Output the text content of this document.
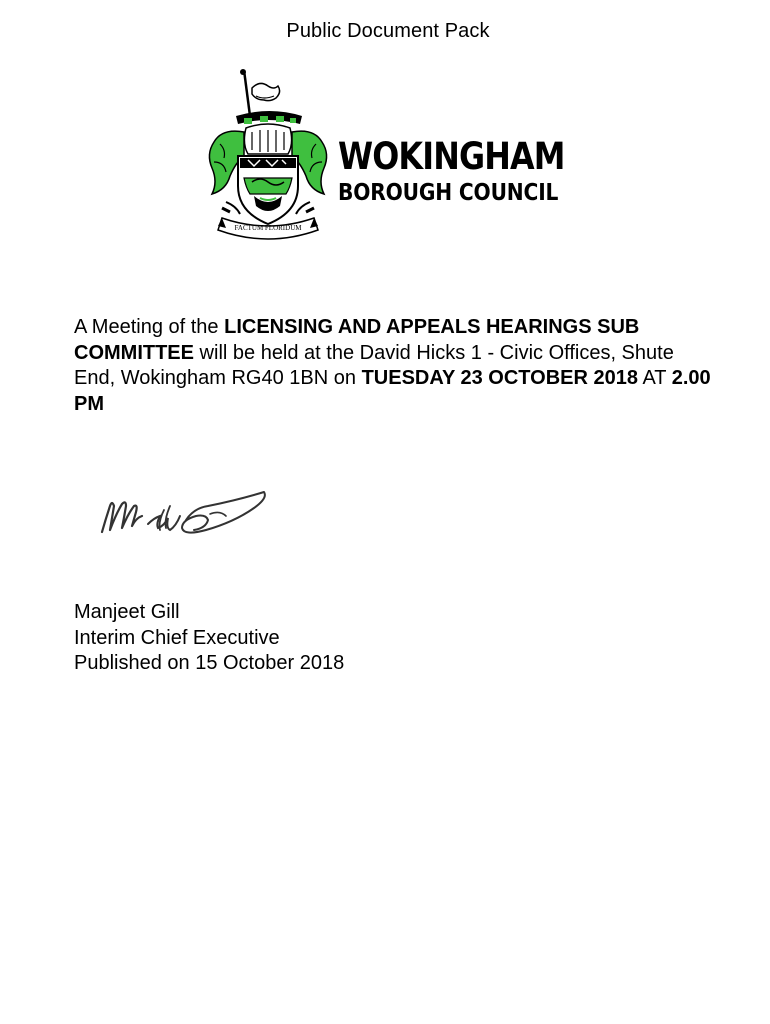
Public Document Pack
FACTUM FLORIDUM
WOKINGHAM
BOROUGH COUNCIL
A Meeting of the LICENSING AND APPEALS HEARINGS SUB COMMITTEE will be held at the David Hicks 1 - Civic Offices, Shute End, Wokingham RG40 1BN on TUESDAY 23 OCTOBER 2018 AT 2.00 PM
Manjeet Gill
Interim Chief Executive
Published on 15 October 2018
